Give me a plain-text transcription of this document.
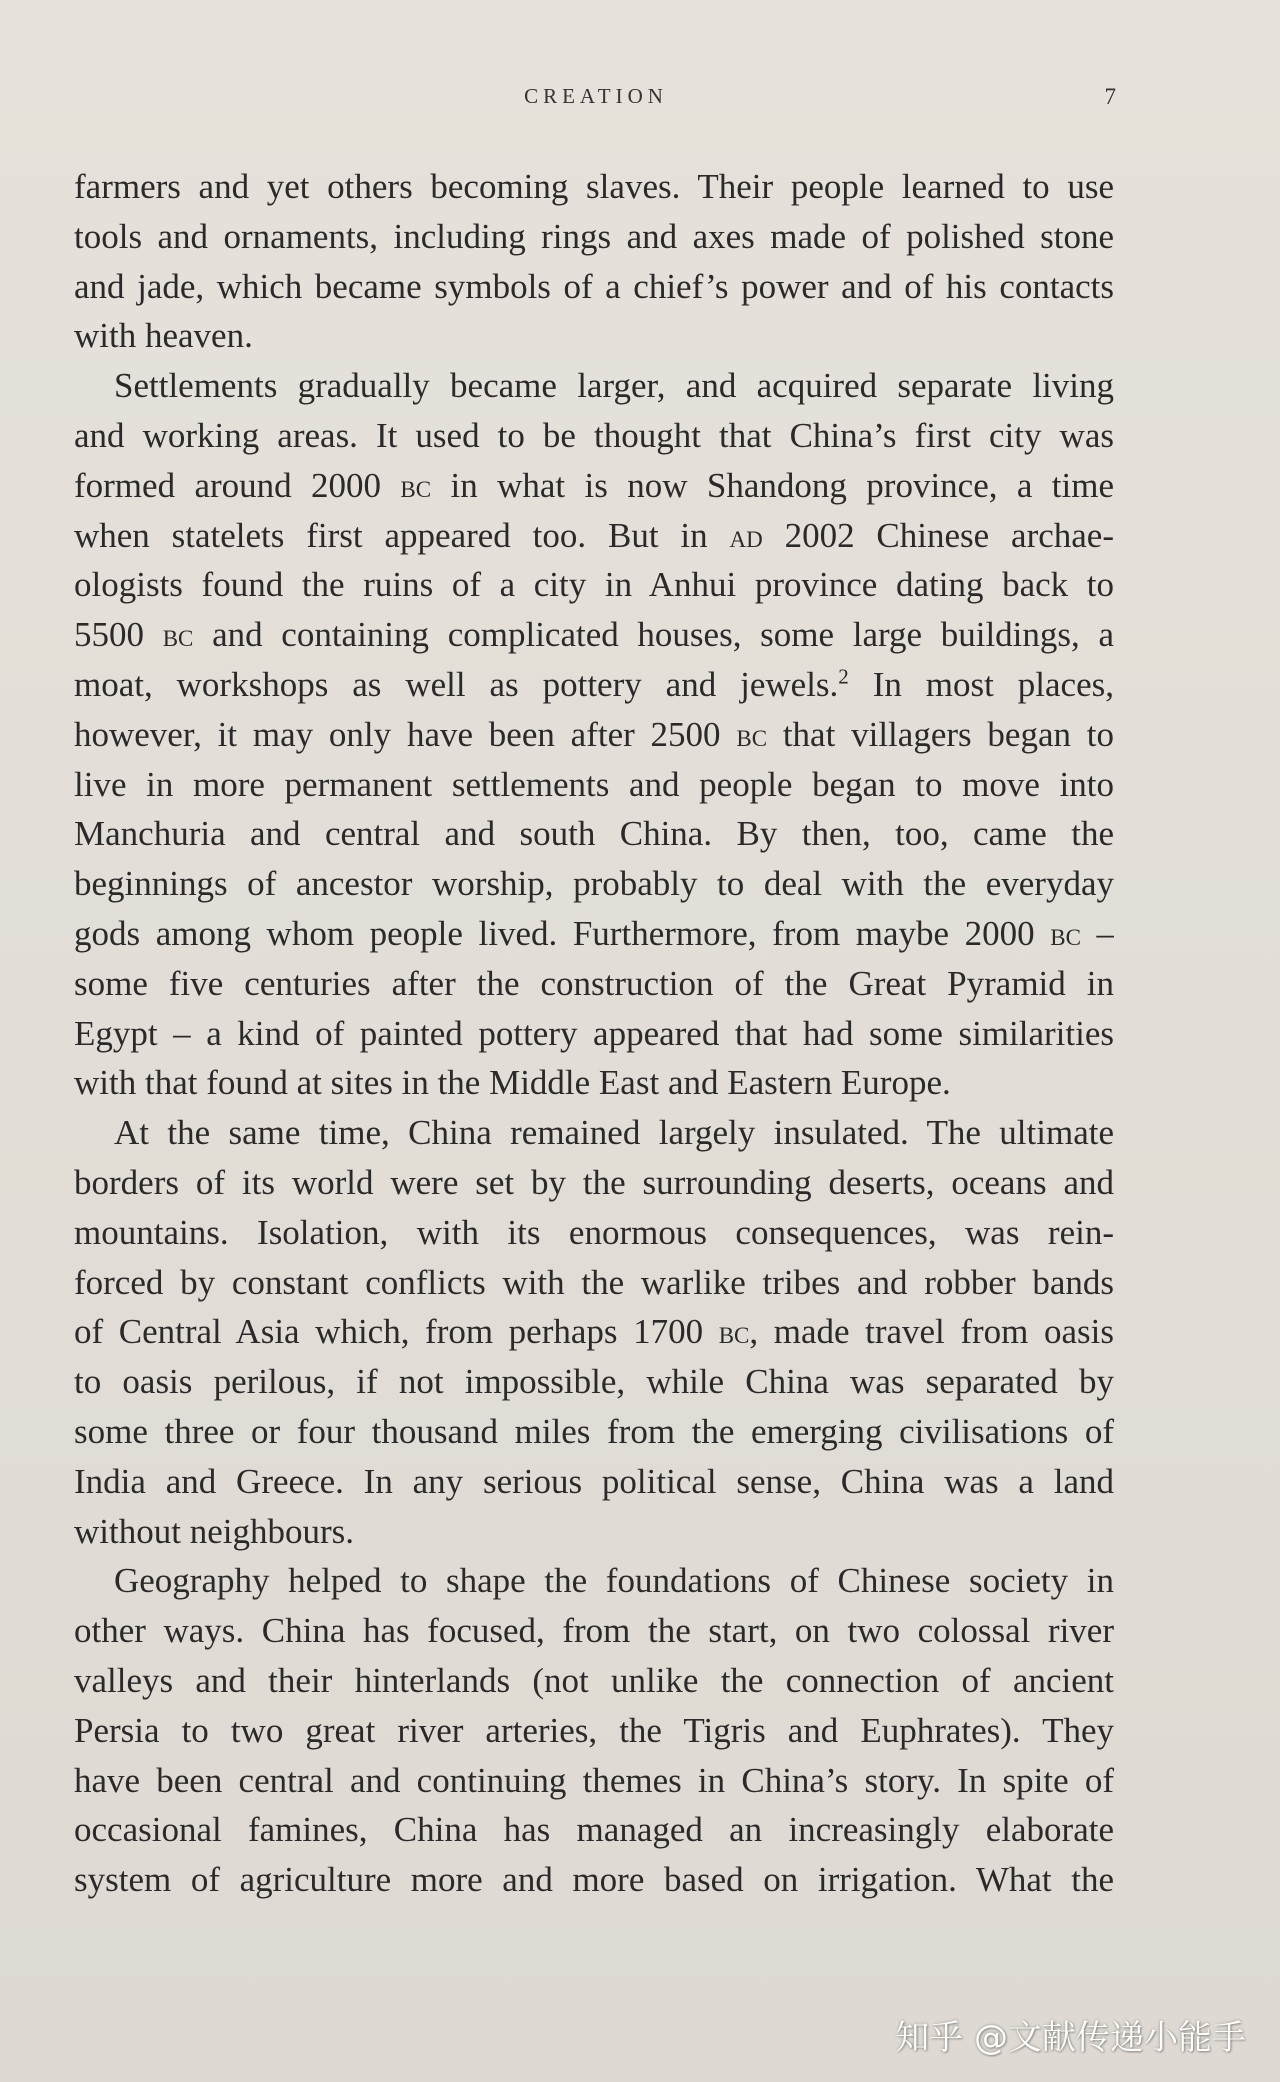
CREATION	7
farmers and yet others becoming slaves. Their people learned to use
tools and ornaments, including rings and axes made of polished stone
and jade, which became symbols of a chief’s power and of his contacts
with heaven.
Settlements gradually became larger, and acquired separate living
and working areas. It used to be thought that China’s first city was
formed around 2000 bc in what is now Shandong province, a time
when statelets first appeared too. But in ad 2002 Chinese archae-
ologists found the ruins of a city in Anhui province dating back to
5500 bc and containing complicated houses, some large buildings, a
moat, workshops as well as pottery and jewels.$^2$ In most places,
however, it may only have been after 2500 bc that villagers began to
live in more permanent settlements and people began to move into
Manchuria and central and south China. By then, too, came the
beginnings of ancestor worship, probably to deal with the everyday
gods among whom people lived. Furthermore, from maybe 2000 bc –
some five centuries after the construction of the Great Pyramid in
Egypt – a kind of painted pottery appeared that had some similarities
with that found at sites in the Middle East and Eastern Europe.
At the same time, China remained largely insulated. The ultimate
borders of its world were set by the surrounding deserts, oceans and
mountains. Isolation, with its enormous consequences, was rein-
forced by constant conflicts with the warlike tribes and robber bands
of Central Asia which, from perhaps 1700 bc, made travel from oasis
to oasis perilous, if not impossible, while China was separated by
some three or four thousand miles from the emerging civilisations of
India and Greece. In any serious political sense, China was a land
without neighbours.
Geography helped to shape the foundations of Chinese society in
other ways. China has focused, from the start, on two colossal river
valleys and their hinterlands (not unlike the connection of ancient
Persia to two great river arteries, the Tigris and Euphrates). They
have been central and continuing themes in China’s story. In spite of
occasional famines, China has managed an increasingly elaborate
system of agriculture more and more based on irrigation. What the
知乎 @文献传递小能手
